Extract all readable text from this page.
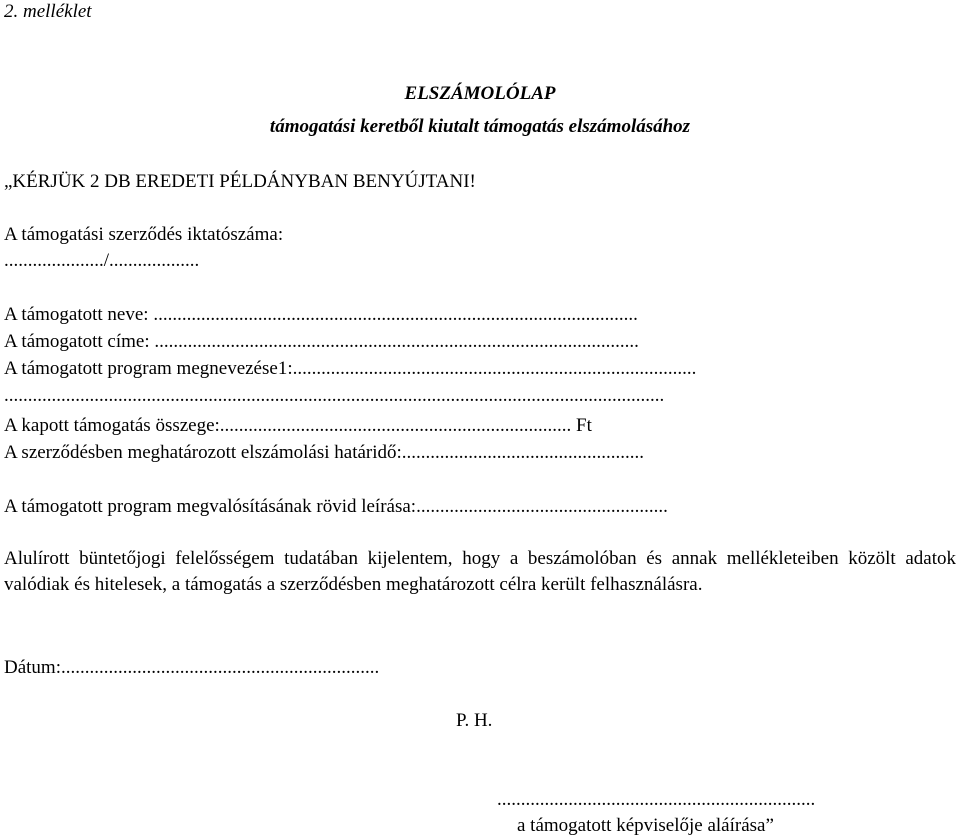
2. melléklet
ELSZÁMOLÓLAP
támogatási keretből kiutalt támogatás elszámolásához
„KÉRJÜK 2 DB EREDETI PÉLDÁNYBAN BENYÚJTANI!
A támogatási szerződés iktatószáma:
...................../...................
A támogatott neve: ......................................................................................................
A támogatott címe: ......................................................................................................
A támogatott program megnevezése1:.....................................................................................
...........................................................................................................................................
A kapott támogatás összege:.......................................................................... Ft
A szerződésben meghatározott elszámolási határidő:...................................................
A támogatott program megvalósításának rövid leírása:.....................................................
Alulírott büntetőjogi felelősségem tudatában kijelentem, hogy a beszámolóban és annak mellékleteiben közölt adatok valódiak és hitelesek, a támogatás a szerződésben meghatározott célra került felhasználásra.
Dátum:...................................................................
P. H.
...................................................................
a támogatott képviselője aláírása”
